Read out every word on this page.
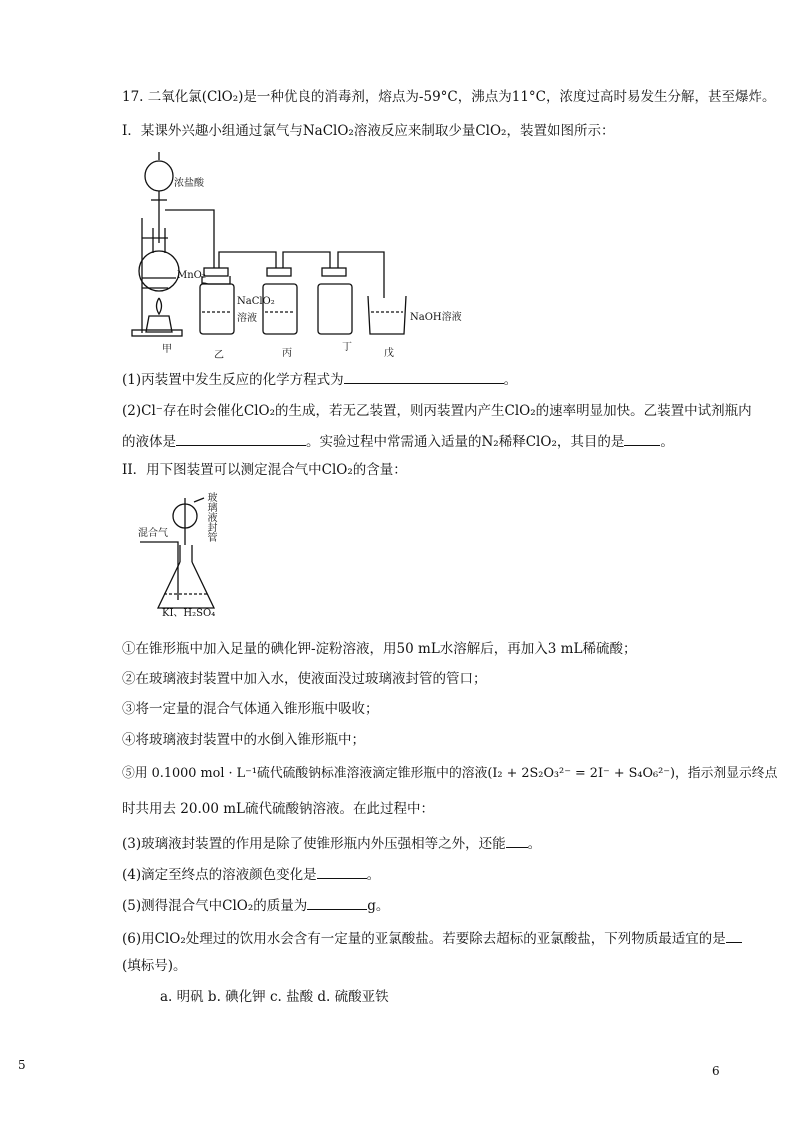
17. 二氧化氯(ClO₂)是一种优良的消毒剂，熔点为-59°C，沸点为11°C，浓度过高时易发生分解，甚至爆炸。
I．某课外兴趣小组通过氯气与NaClO₂溶液反应来制取少量ClO₂，装置如图所示：
浓盐酸
MnO₂
NaClO₂
溶液	NaOH溶液
甲
乙	丙
丁
戊
(1)丙装置中发生反应的化学方程式为	。
(2)Cl⁻存在时会催化ClO₂的生成，若无乙装置，则丙装置内产生ClO₂的速率明显加快。乙装置中试剂瓶内
的液体是	。实验过程中常需通入适量的N₂稀释ClO₂，其目的是	。
II．用下图装置可以测定混合气中ClO₂的含量：
混合气	玻璃液封管
KI、H₂SO₄
①在锥形瓶中加入足量的碘化钾-淀粉溶液，用50 mL水溶解后，再加入3 mL稀硫酸；
②在玻璃液封装置中加入水，使液面没过玻璃液封管的管口；
③将一定量的混合气体通入锥形瓶中吸收；
④将玻璃液封装置中的水倒入锥形瓶中；
⑤用 0.1000 mol · L⁻¹硫代硫酸钠标准溶液滴定锥形瓶中的溶液(I₂ + 2S₂O₃²⁻ = 2I⁻ + S₄O₆²⁻)，指示剂显示终点
时共用去 20.00 mL硫代硫酸钠溶液。在此过程中：
(3)玻璃液封装置的作用是除了使锥形瓶内外压强相等之外，还能 。
(4)滴定至终点的溶液颜色变化是	。
(5)测得混合气中ClO₂的质量为	g。
(6)用ClO₂处理过的饮用水会含有一定量的亚氯酸盐。若要除去超标的亚氯酸盐，下列物质最适宜的是
(填标号)。
a. 明矾 b. 碘化钾 c. 盐酸 d. 硫酸亚铁
5	6
